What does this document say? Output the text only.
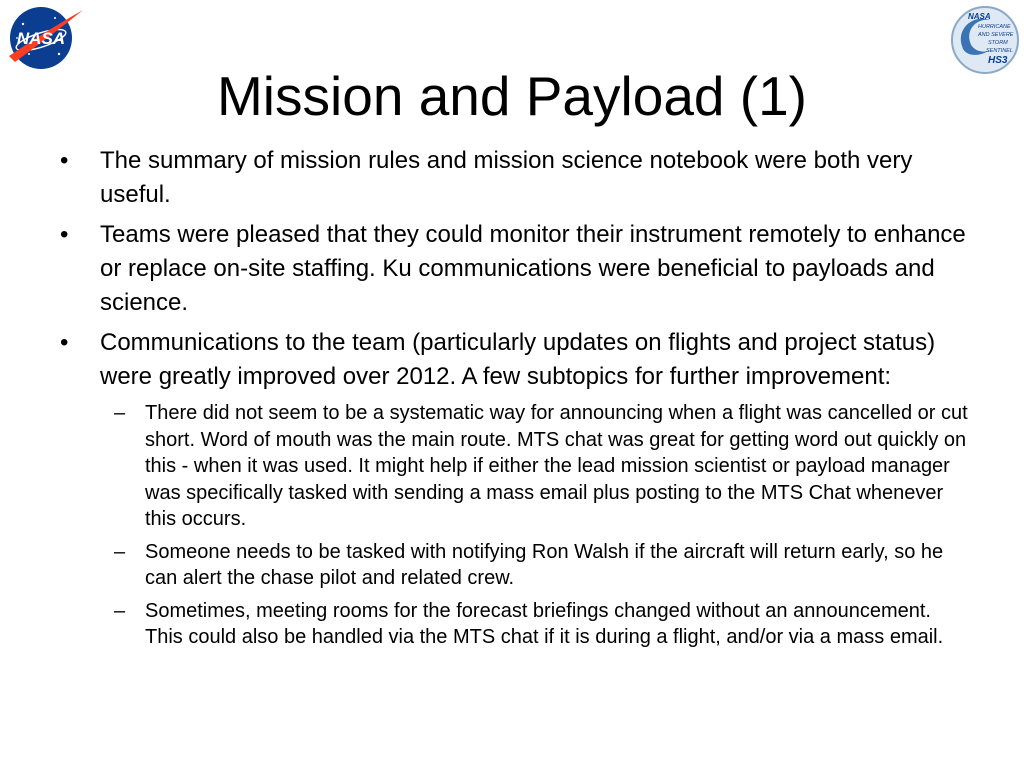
NASA
NASA
HURRICANE
AND SEVERE
STORM
SENTINEL
HS3
Mission and Payload (1)
•	The summary of mission rules and mission science notebook were both very useful.
•	Teams were pleased that they could monitor their instrument remotely to enhance or replace on-site staffing. Ku communications were beneficial to payloads and science.
•	Communications to the team (particularly updates on flights and project status) were greatly improved over 2012. A few subtopics for further improvement:
– There did not seem to be a systematic way for announcing when a flight was cancelled or cut short. Word of mouth was the main route. MTS chat was great for getting word out quickly on this - when it was used. It might help if either the lead mission scientist or payload manager was specifically tasked with sending a mass email plus posting to the MTS Chat whenever this occurs.
– Someone needs to be tasked with notifying Ron Walsh if the aircraft will return early, so he can alert the chase pilot and related crew.
– Sometimes, meeting rooms for the forecast briefings changed without an announcement. This could also be handled via the MTS chat if it is during a flight, and/or via a mass email.
